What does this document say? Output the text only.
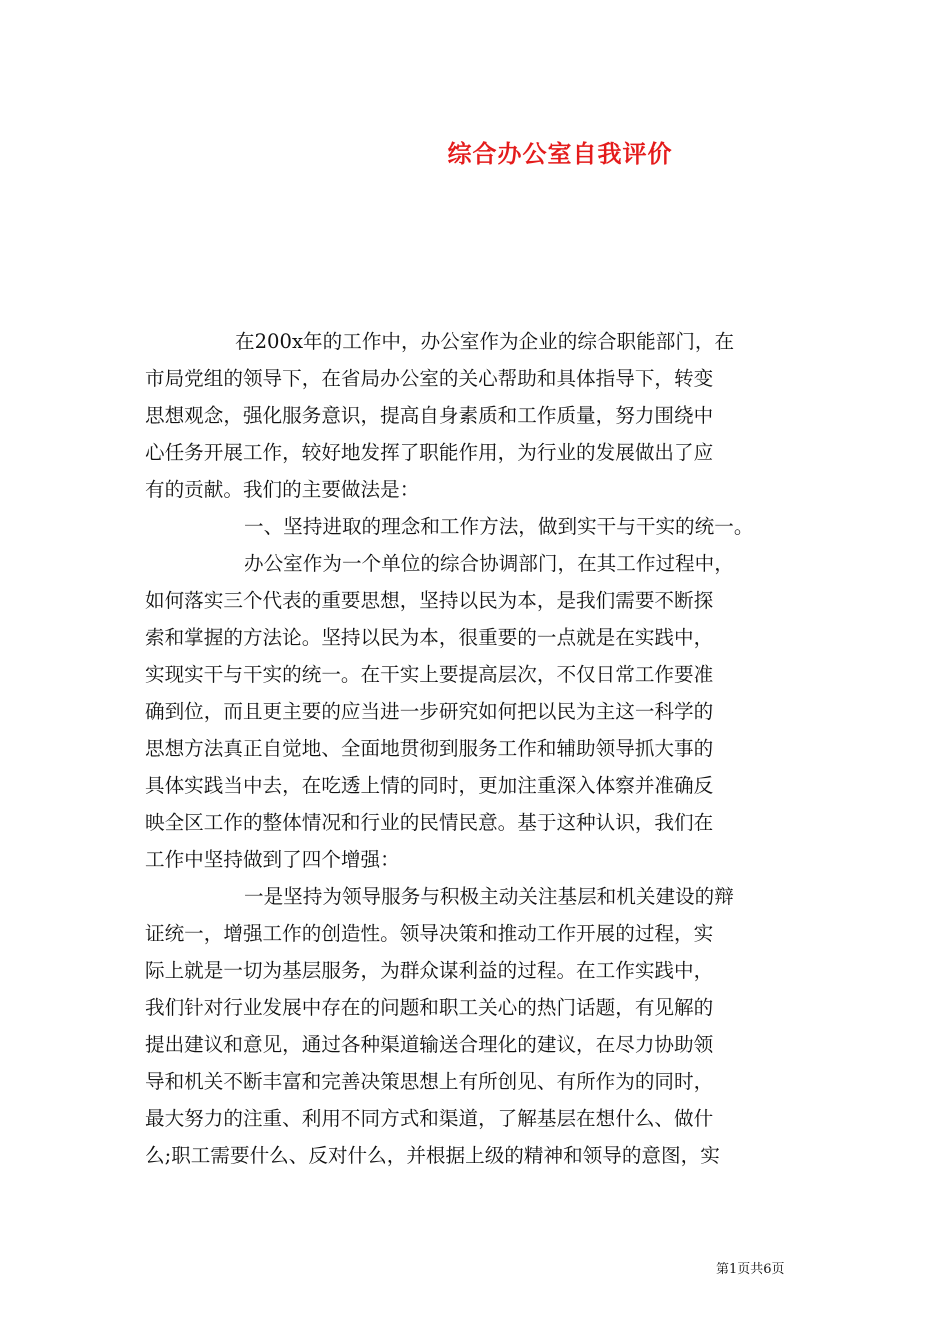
综合办公室自我评价
在200x年的工作中，办公室作为企业的综合职能部门，在
市局党组的领导下，在省局办公室的关心帮助和具体指导下，转变
思想观念，强化服务意识，提高自身素质和工作质量，努力围绕中
心任务开展工作，较好地发挥了职能作用，为行业的发展做出了应
有的贡献。我们的主要做法是：
一、坚持进取的理念和工作方法，做到实干与干实的统一。
办公室作为一个单位的综合协调部门，在其工作过程中，
如何落实三个代表的重要思想，坚持以民为本，是我们需要不断探
索和掌握的方法论。坚持以民为本，很重要的一点就是在实践中，
实现实干与干实的统一。在干实上要提高层次，不仅日常工作要准
确到位，而且更主要的应当进一步研究如何把以民为主这一科学的
思想方法真正自觉地、全面地贯彻到服务工作和辅助领导抓大事的
具体实践当中去，在吃透上情的同时，更加注重深入体察并准确反
映全区工作的整体情况和行业的民情民意。基于这种认识，我们在
工作中坚持做到了四个增强：
一是坚持为领导服务与积极主动关注基层和机关建设的辩
证统一，增强工作的创造性。领导决策和推动工作开展的过程，实
际上就是一切为基层服务，为群众谋利益的过程。在工作实践中，
我们针对行业发展中存在的问题和职工关心的热门话题，有见解的
提出建议和意见，通过各种渠道输送合理化的建议，在尽力协助领
导和机关不断丰富和完善决策思想上有所创见、有所作为的同时，
最大努力的注重、利用不同方式和渠道，了解基层在想什么、做什
么;职工需要什么、反对什么，并根据上级的精神和领导的意图，实
第1页共6页
